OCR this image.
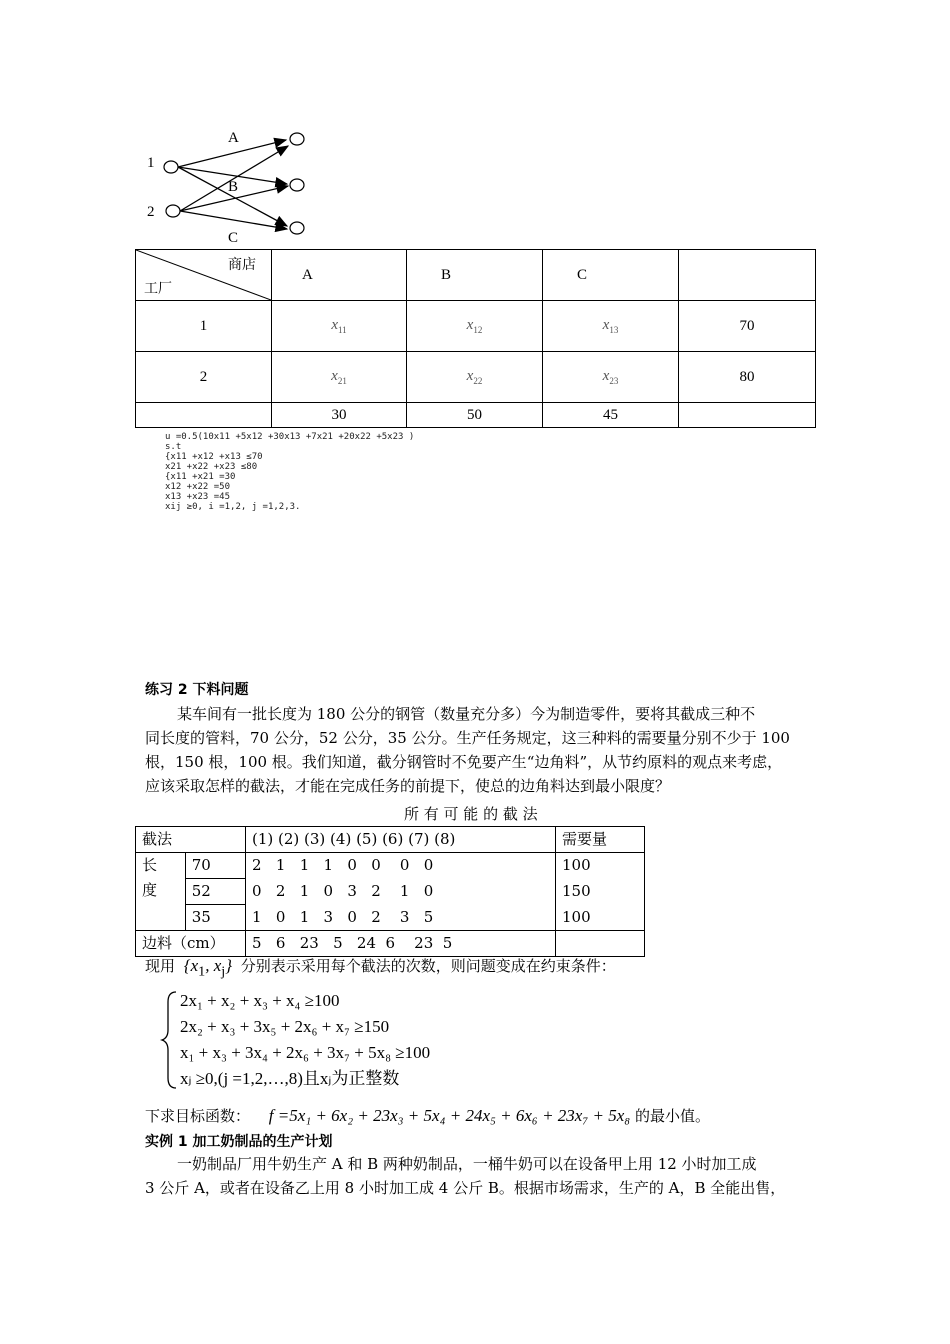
1
2
A
B
C
商店
工厂	A	B	C	
1	$x_{11}$	$x_{12}$	$x_{13}$	70
2	$x_{21}$	$x_{22}$	$x_{23}$	80
	30	50	45	
u =0.5(10x11 +5x12 +30x13 +7x21 +20x22 +5x23 )
s.t
{x11 +x12 +x13 ≤70
x21 +x22 +x23 ≤80
{x11 +x21 =30
x12 +x22 =50
x13 +x23 =45
xij ≥0, i =1,2, j =1,2,3.
练习 2 下料问题
某车间有一批长度为 180 公分的钢管（数量充分多）今为制造零件，要将其截成三种不
同长度的管料，70 公分，52 公分，35 公分。生产任务规定，这三种料的需要量分别不少于 100
根，150 根，100 根。我们知道，截分钢管时不免要产生“边角料”，从节约原料的观点来考虑，
应该采取怎样的截法，才能在完成任务的前提下，使总的边角料达到最小限度？
所 有 可 能 的 截 法
截法		(1) (2) (3) (4) (5) (6) (7) (8)	需要量

长
度	70	2   1   1   1   0   0    0   0	100
	52	0   2   1   0   3   2    1   0	150
	35	1   0   1   3   0   2    3   5	100
边料（cm）		5   6   23   5   24  6    23  5	
现用 {$x_1$, $x_j$} 分别表示采用每个截法的次数，则问题变成在约束条件：
2x₁ + x₂ + x₃ + x₄ ≥100
2x₂ + x₃ + 3x₅ + 2x₆ + x₇ ≥150
x₁ + x₃ + 3x₄ + 2x₆ + 3x₇ + 5x₈ ≥100
xⱼ ≥0,(j =1,2,…,8)且xⱼ为正整数
下求目标函数： f =5x₁ + 6x₂ + 23x₃ + 5x₄ + 24x₅ + 6x₆ + 23x₇ + 5x₈ 的最小值。
实例 1 加工奶制品的生产计划
一奶制品厂用牛奶生产 A 和 B 两种奶制品，一桶牛奶可以在设备甲上用 12 小时加工成
3 公斤 A，或者在设备乙上用 8 小时加工成 4 公斤 B。根据市场需求，生产的 A，B 全能出售，
